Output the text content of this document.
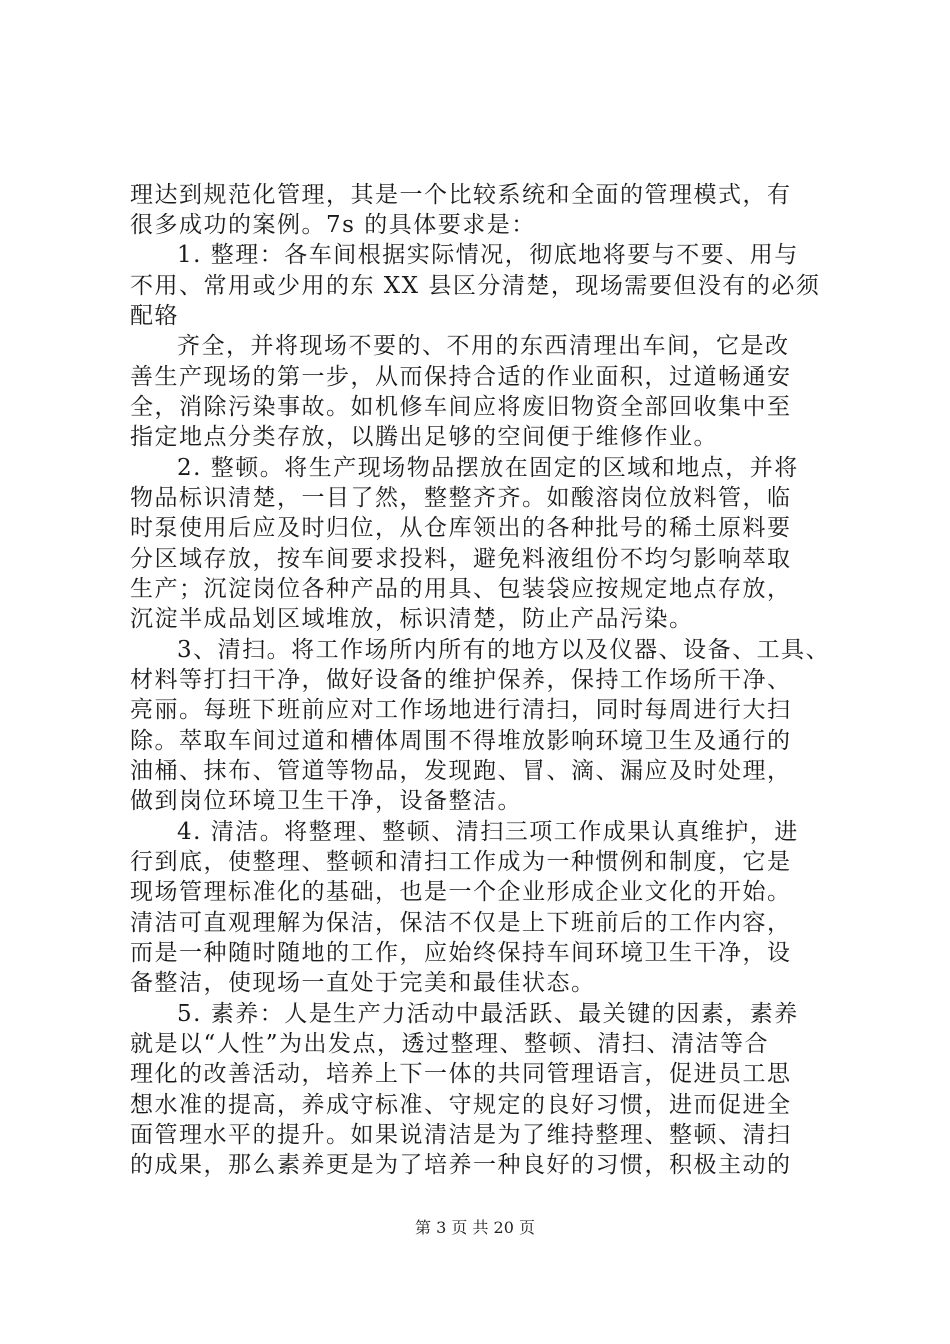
理达到规范化管理，其是一个比较系统和全面的管理模式，有
很多成功的案例。7s 的具体要求是：
1. 整理：各车间根据实际情况，彻底地将要与不要、用与
不用、常用或少用的东 XX 县区分清楚，现场需要但没有的必须
配辂
齐全，并将现场不要的、不用的东西清理出车间，它是改
善生产现场的第一步，从而保持合适的作业面积，过道畅通安
全，消除污染事故。如机修车间应将废旧物资全部回收集中至
指定地点分类存放，以腾出足够的空间便于维修作业。
2. 整顿。将生产现场物品摆放在固定的区域和地点，并将
物品标识清楚，一目了然，整整齐齐。如酸溶岗位放料管，临
时泵使用后应及时归位，从仓库领出的各种批号的稀土原料要
分区域存放，按车间要求投料，避免料液组份不均匀影响萃取
生产；沉淀岗位各种产品的用具、包装袋应按规定地点存放，
沉淀半成品划区域堆放，标识清楚，防止产品污染。
3、清扫。将工作场所内所有的地方以及仪器、设备、工具、
材料等打扫干净，做好设备的维护保养，保持工作场所干净、
亮丽。每班下班前应对工作场地进行清扫，同时每周进行大扫
除。萃取车间过道和槽体周围不得堆放影响环境卫生及通行的
油桶、抹布、管道等物品，发现跑、冒、滴、漏应及时处理，
做到岗位环境卫生干净，设备整洁。
4. 清洁。将整理、整顿、清扫三项工作成果认真维护，进
行到底，使整理、整顿和清扫工作成为一种惯例和制度，它是
现场管理标准化的基础，也是一个企业形成企业文化的开始。
清洁可直观理解为保洁，保洁不仅是上下班前后的工作内容，
而是一种随时随地的工作，应始终保持车间环境卫生干净，设
备整洁，使现场一直处于完美和最佳状态。
5. 素养：人是生产力活动中最活跃、最关键的因素，素养
就是以“人性”为出发点，透过整理、整顿、清扫、清洁等合
理化的改善活动，培养上下一体的共同管理语言，促进员工思
想水准的提高，养成守标准、守规定的良好习惯，进而促进全
面管理水平的提升。如果说清洁是为了维持整理、整顿、清扫
的成果，那么素养更是为了培养一种良好的习惯，积极主动的
第 3 页 共 20 页
